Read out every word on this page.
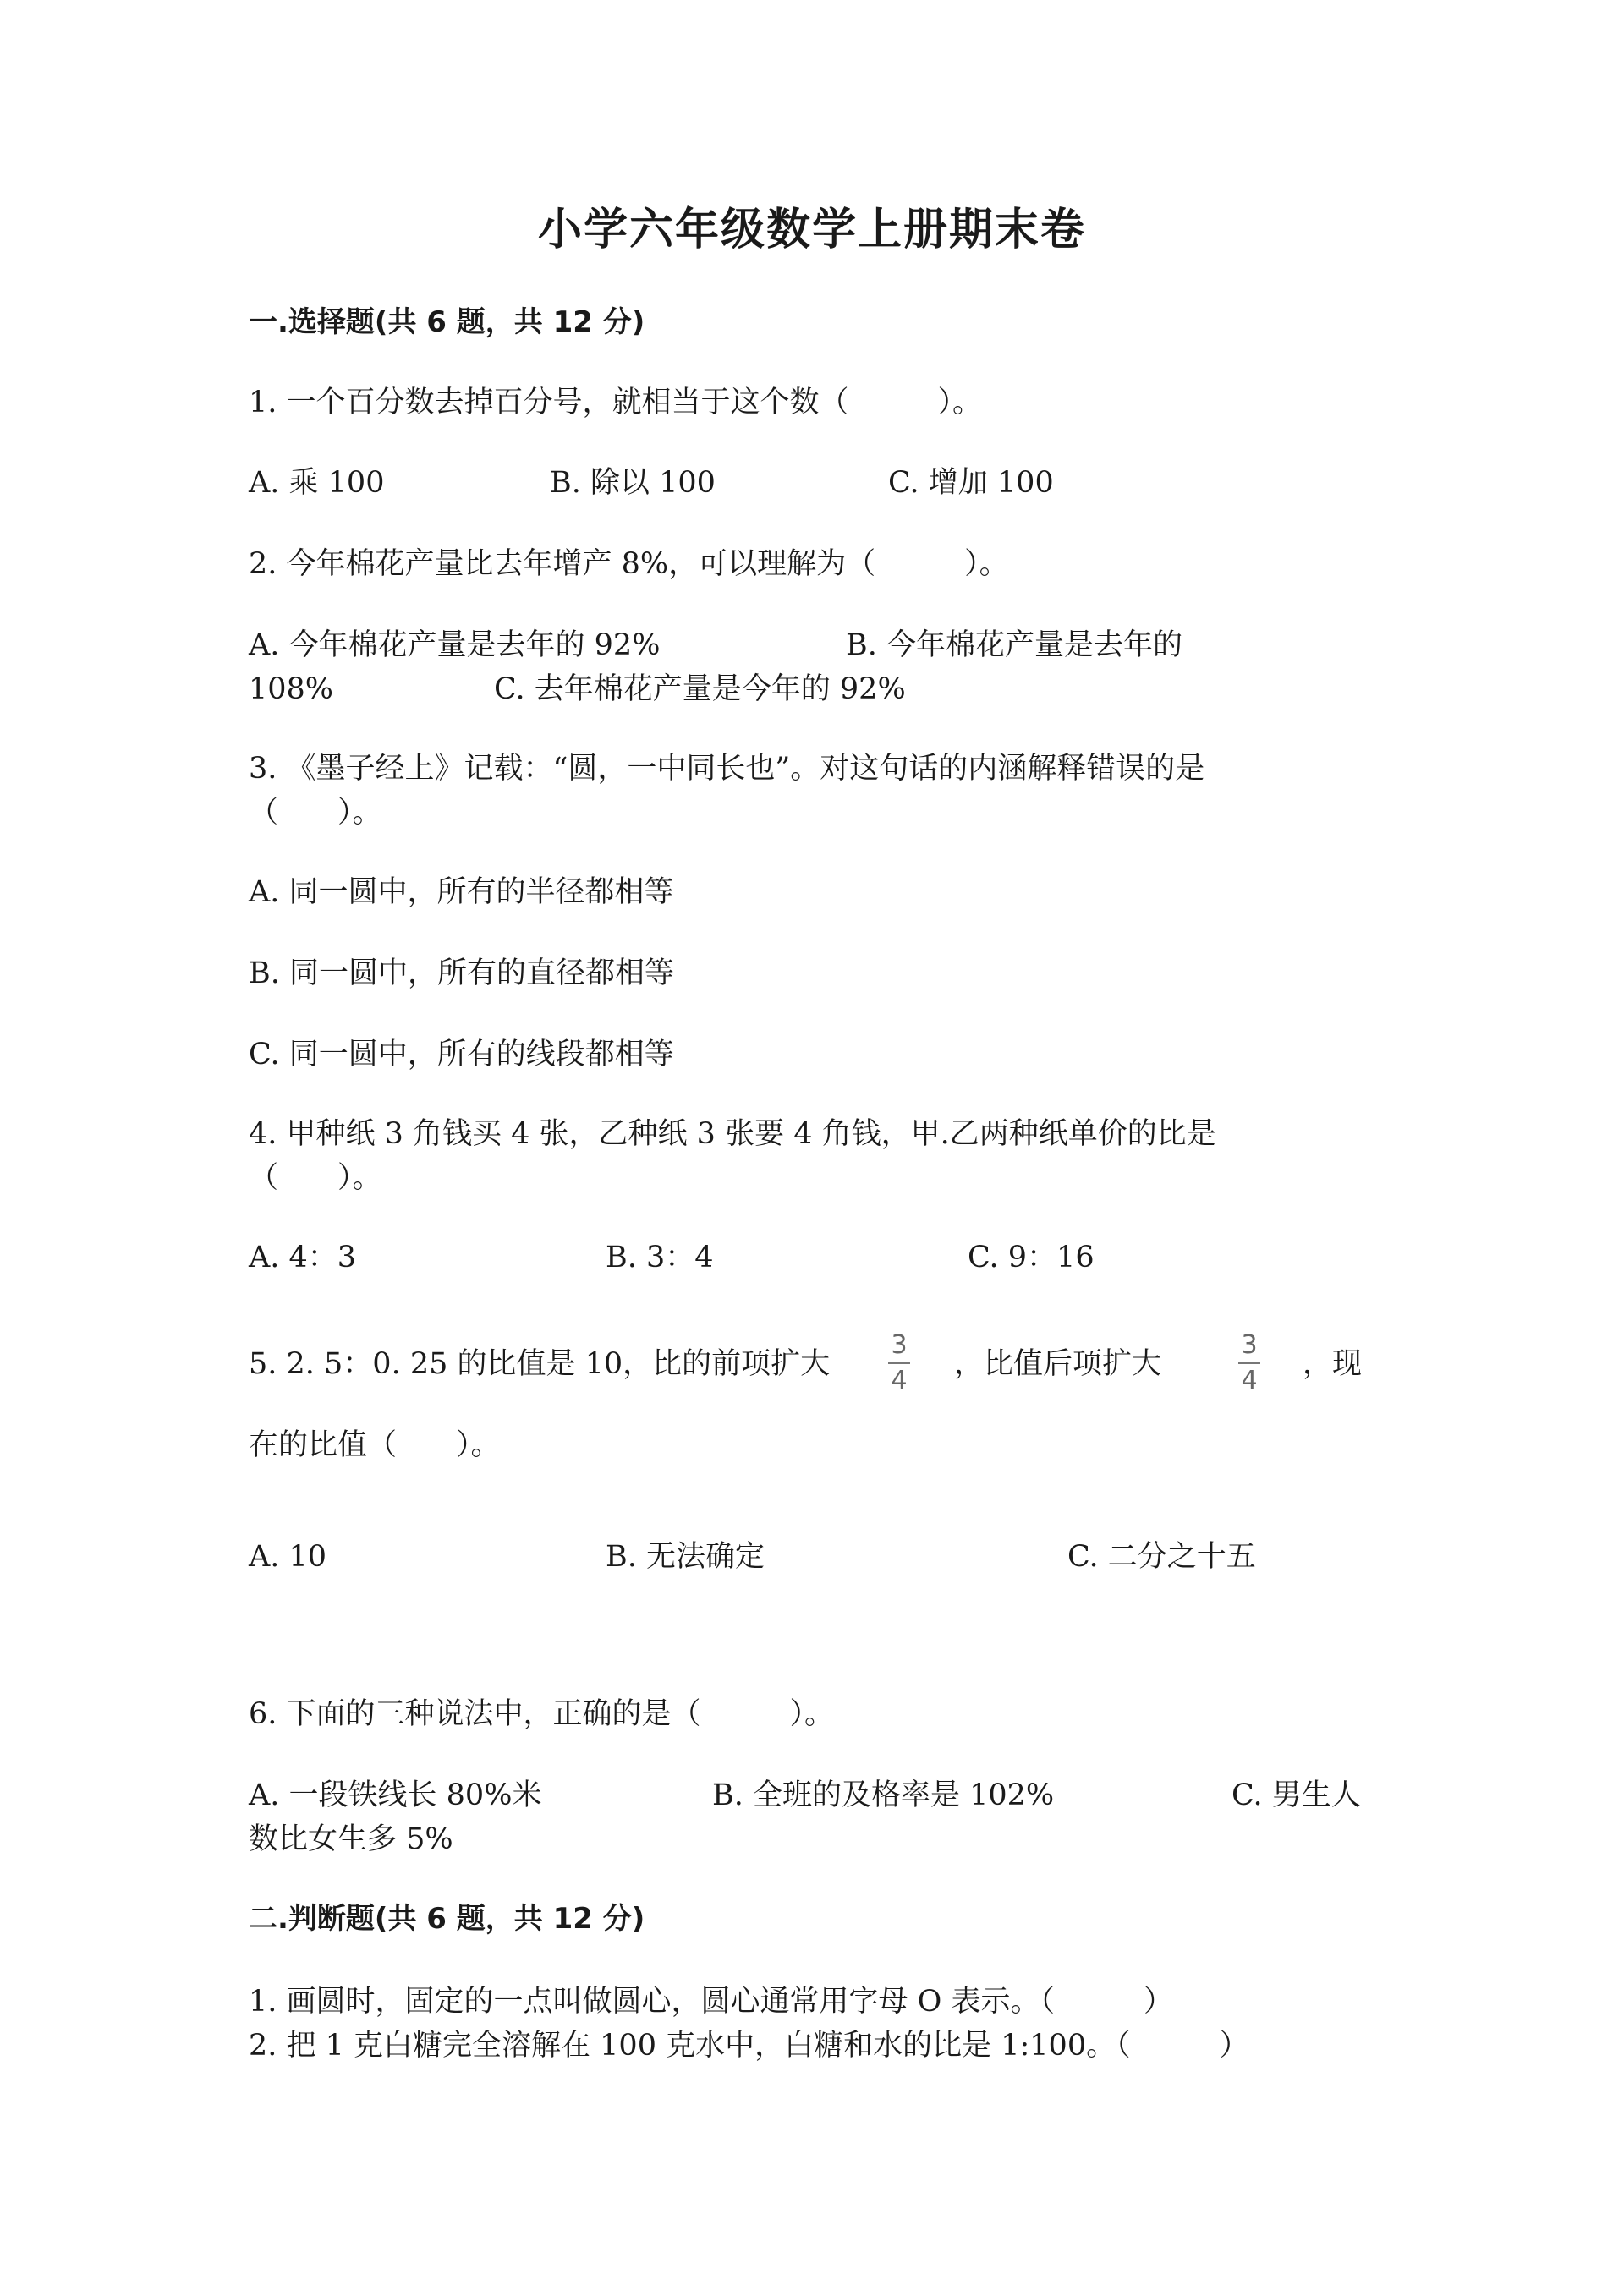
小学六年级数学上册期末卷
一.选择题(共 6 题，共 12 分)
1. 一个百分数去掉百分号，就相当于这个数（　　　）。
A. 乘 100	B. 除以 100	C. 增加 100
2. 今年棉花产量比去年增产 8%，可以理解为（　　　）。
A. 今年棉花产量是去年的 92%	B. 今年棉花产量是去年的
108%	C. 去年棉花产量是今年的 92%
3. 《墨子经上》记载：“圆，一中同长也”。对这句话的内涵解释错误的是
（　　）。
A. 同一圆中，所有的半径都相等
B. 同一圆中，所有的直径都相等
C. 同一圆中，所有的线段都相等
4. 甲种纸 3 角钱买 4 张，乙种纸 3 张要 4 角钱，甲.乙两种纸单价的比是
（　　）。
A. 4：3	B. 3：4	C. 9：16
5. 2. 5：0. 25 的比值是 10，比的前项扩大
3
4 ，比值后项扩大
3
4 ，现
在的比值（　　）。
A. 10	B. 无法确定	C. 二分之十五
6. 下面的三种说法中，正确的是（　　　）。
A. 一段铁线长 80%米	B. 全班的及格率是 102%	C. 男生人
数比女生多 5%
二.判断题(共 6 题，共 12 分)
1. 画圆时，固定的一点叫做圆心，圆心通常用字母 O 表示。（　　　）
2. 把 1 克白糖完全溶解在 100 克水中，白糖和水的比是 1:100。（　　　）
